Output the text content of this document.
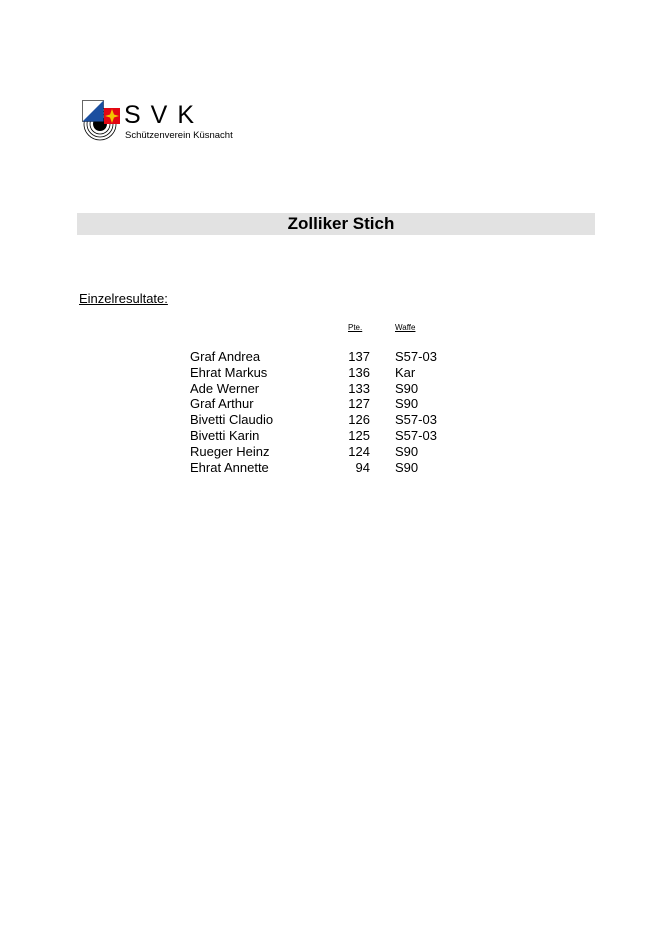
SVK
Schützenverein Küsnacht
Zolliker Stich
Einzelresultate:
Pte.	Waffe
Graf Andrea	137 S57-03
Ehrat Markus	136 Kar
Ade Werner	133 S90
Graf Arthur	127 S90
Bivetti Claudio	126 S57-03
Bivetti Karin	125 S57-03
Rueger Heinz	124 S90
Ehrat Annette	94 S90
